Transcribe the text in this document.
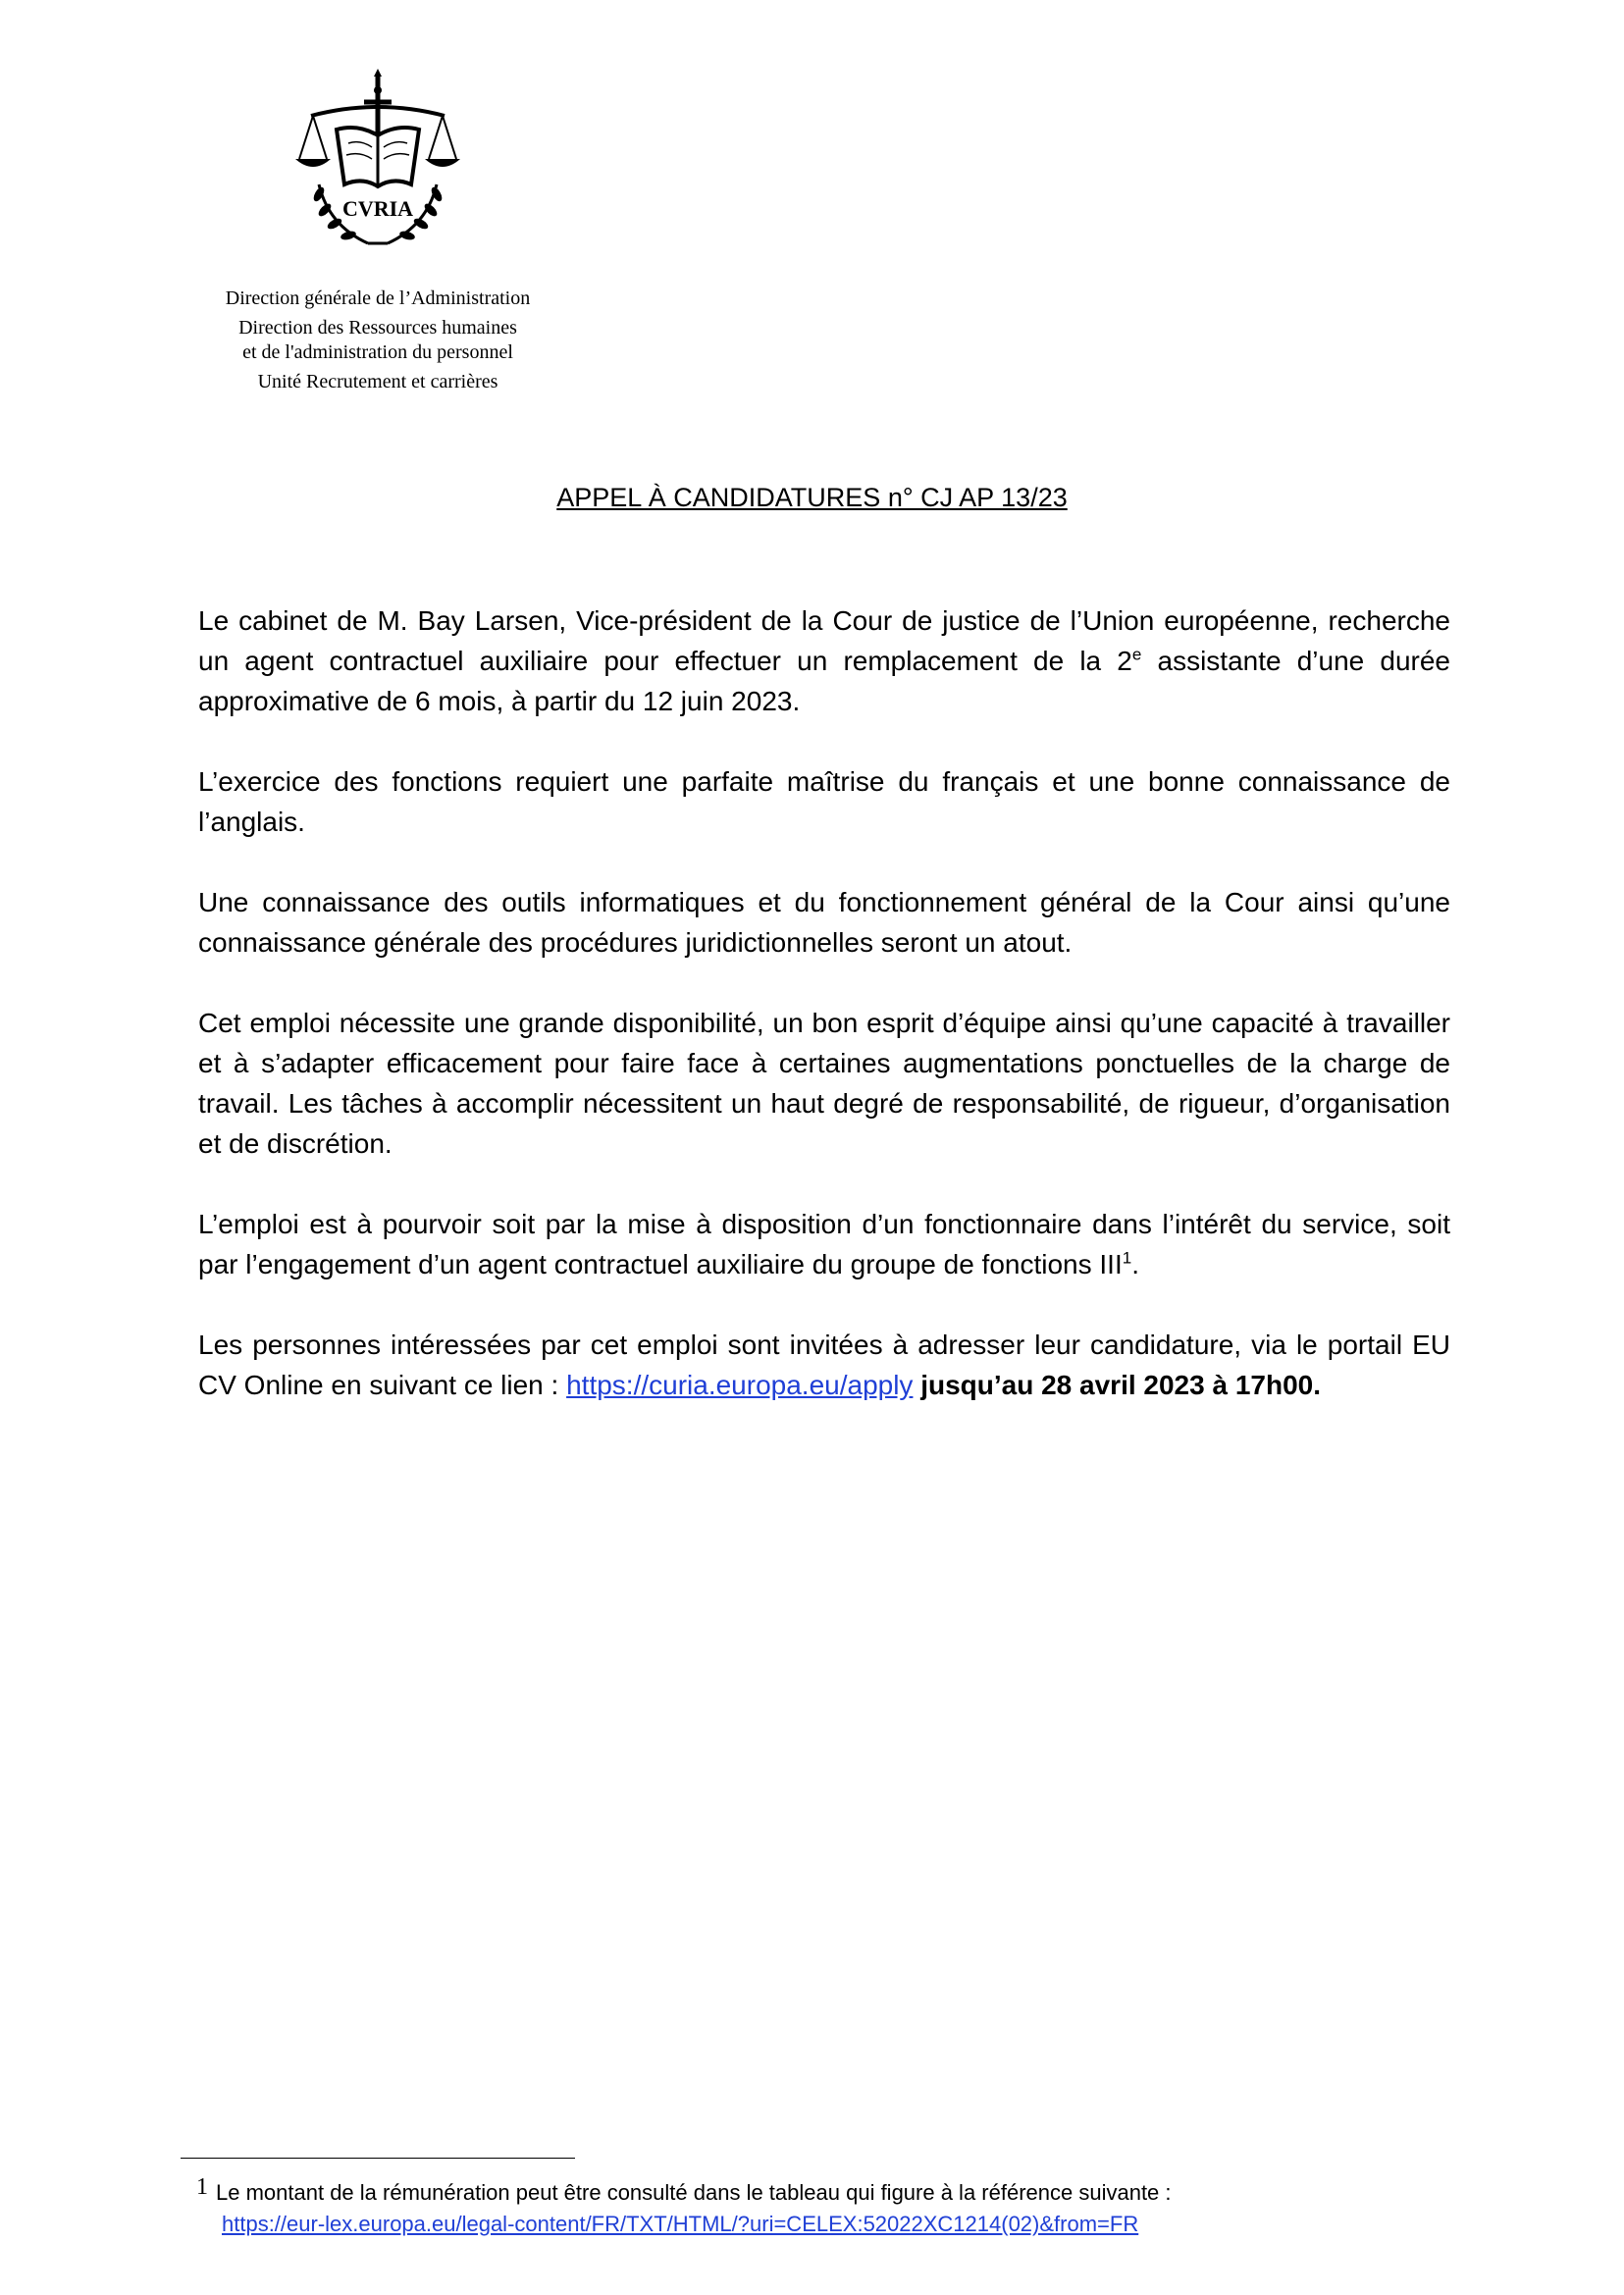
CVRIA
Direction générale de l’Administration
Direction des Ressources humaines
et de l'administration du personnel
Unité Recrutement et carrières
APPEL À CANDIDATURES n° CJ AP 13/23

Le cabinet de M. Bay Larsen, Vice-président de la Cour de justice de l’Union européenne, recherche un agent contractuel auxiliaire pour effectuer un remplacement de la 2e assistante d’une durée approximative de 6 mois, à partir du 12 juin 2023.

L’exercice des fonctions requiert une parfaite maîtrise du français et une bonne connaissance de l’anglais.

Une connaissance des outils informatiques et du fonctionnement général de la Cour ainsi qu’une connaissance générale des procédures juridictionnelles seront un atout.

Cet emploi nécessite une grande disponibilité, un bon esprit d’équipe ainsi qu’une capacité à travailler et à s’adapter efficacement pour faire face à certaines augmentations ponctuelles de la charge de travail. Les tâches à accomplir nécessitent un haut degré de responsabilité, de rigueur, d’organisation et de discrétion.

L’emploi est à pourvoir soit par la mise à disposition d’un fonctionnaire dans l’intérêt du service, soit par l’engagement d’un agent contractuel auxiliaire du groupe de fonctions III$^1$.

Les personnes intéressées par cet emploi sont invitées à adresser leur candidature, via le portail EU CV Online en suivant ce lien : https://curia.europa.eu/apply jusqu’au 28 avril 2023 à 17h00.

1 Le montant de la rémunération peut être consulté dans le tableau qui figure à la référence suivante :
https://eur-lex.europa.eu/legal-content/FR/TXT/HTML/?uri=CELEX:52022XC1214(02)&from=FR
